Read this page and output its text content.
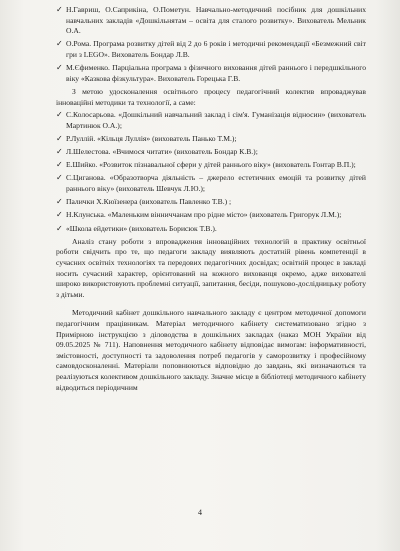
✓ Н.Гавриш, О.Саприкіна, О.Пометун. Навчально-методичний посібник для дошкільних навчальних закладів «Дошкільнятам – освіта для сталого розвитку». Вихователь Мельник О.А.

✓ О.Рома. Програма розвитку дітей від 2 до 6 років і методичні рекомендації «Безмежний світ гри з LEGO». Вихователь Бондар Л.В.

✓ М.Єфименко. Парціальна програма з фізичного виховання дітей раннього і передшкільного віку «Казкова фізкультура». Вихователь Горецька Г.В.

З метою удосконалення освітнього процесу педагогічний колектив впроваджував інноваційні методики та технології, а саме:

✓ С.Колосарьова. «Дошкільний навчальний заклад і сім'я. Гуманізація відносин» (вихователь Мартинюк О.А.);

✓ Р.Луллій. «Кільця Луллія» (вихователь Панько Т.М.);

✓ Л.Шелестова. «Вчимося читати» (вихователь Бондар К.В.);

✓ Е.Шийко. «Розвиток пізнавальної сфери у дітей раннього віку» (вихователь Гонтар В.П.);

✓ С.Циганова. «Образотворча діяльність – джерело естетичних емоцій та розвитку дітей раннього віку» (вихователь Шевчук Л.Ю.);

✓ Палички Х.Кюїзенера (вихователь Павленко Т.В.) ;

✓ Н.Клунська. «Маленьким вінниччанам про рідне місто» (вихователь Григорук Л.М.);

✓ «Школа ейдетики» (вихователь Борисюк Т.В.).

Аналіз стану роботи з впровадження інноваційних технологій в практику освітньої роботи свідчить про те, що педагоги закладу виявляють достатній рівень компетенції в сучасних освітніх технологіях та передових педагогічних досвідах; освітній процес в закладі носить сучасний характер, орієнтований на кожного вихованця окремо, адже вихователі широко використовують проблемні ситуації, запитання, бесіди, пошуково-дослідницьку роботу з дітьми.

Методичний кабінет дошкільного навчального закладу є центром методичної допомоги педагогічним працівникам. Матеріал методичного кабінету систематизовано згідно з Примірною інструкцією з діловодства в дошкільних закладах (наказ МОН України від 09.05.2025 № 711). Наповнення методичного кабінету відповідає вимогам: інформативності, змістовності, доступності та задоволення потреб педагогів у саморозвитку і професійному самовдосконаленні. Матеріали поповнюються відповідно до завдань, які визначаються та реалізуються колективом дошкільного закладу. Значне місце в бібліотеці методичного кабінету відводиться періодичним

4
